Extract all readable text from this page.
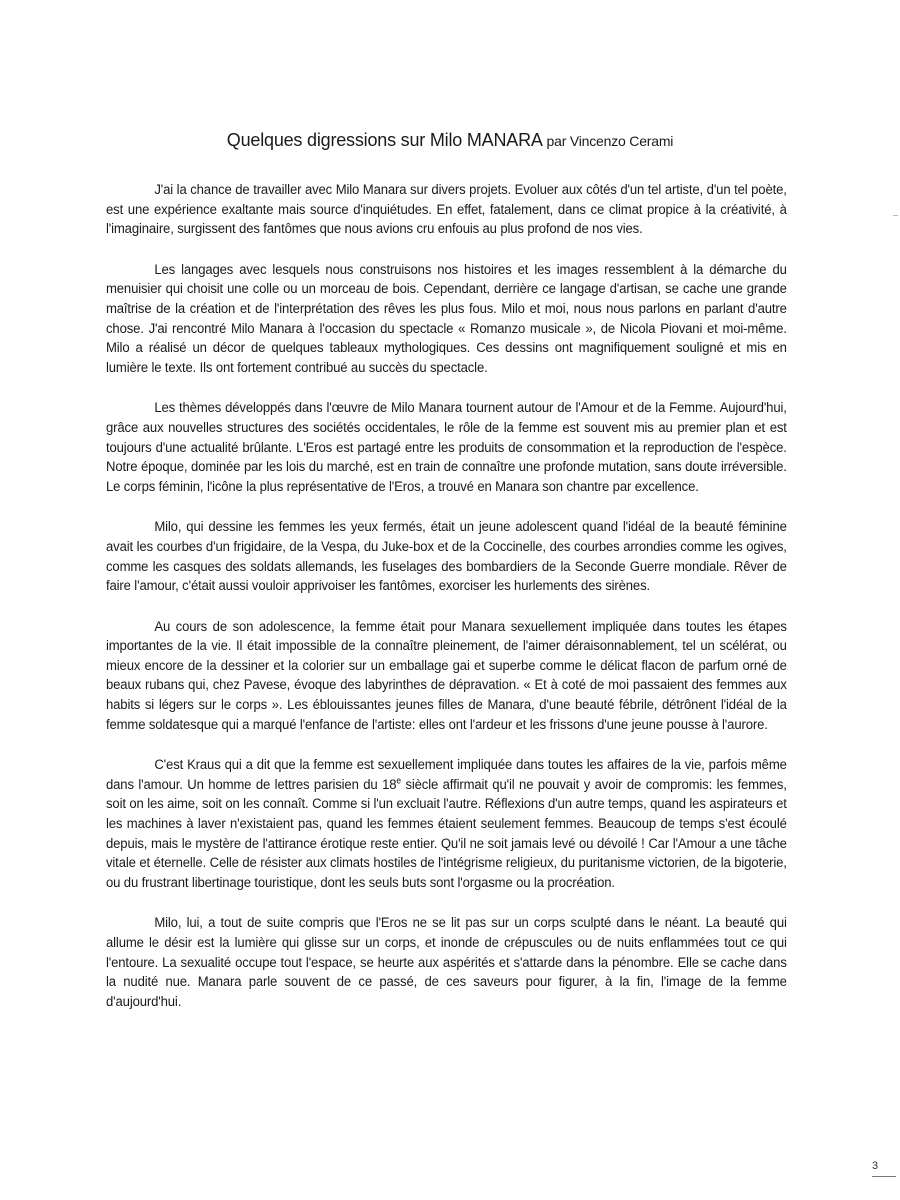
Quelques digressions sur Milo MANARA par Vincenzo Cerami

J'ai la chance de travailler avec Milo Manara sur divers projets. Evoluer aux côtés d'un tel artiste, d'un tel poète, est une expérience exaltante mais source d'inquiétudes. En effet, fatalement, dans ce climat propice à la créativité, à l'imaginaire, surgissent des fantômes que nous avions cru enfouis au plus profond de nos vies.

Les langages avec lesquels nous construisons nos histoires et les images ressemblent à la démarche du menuisier qui choisit une colle ou un morceau de bois. Cependant, derrière ce langage d'artisan, se cache une grande maîtrise de la création et de l'interprétation des rêves les plus fous. Milo et moi, nous nous parlons en parlant d'autre chose. J'ai rencontré Milo Manara à l'occasion du spectacle « Romanzo musicale », de Nicola Piovani et moi-même. Milo a réalisé un décor de quelques tableaux mythologiques. Ces dessins ont magnifiquement souligné et mis en lumière le texte. Ils ont fortement contribué au succès du spectacle.

Les thèmes développés dans l'œuvre de Milo Manara tournent autour de l'Amour et de la Femme. Aujourd'hui, grâce aux nouvelles structures des sociétés occidentales, le rôle de la femme est souvent mis au premier plan et est toujours d'une actualité brûlante. L'Eros est partagé entre les produits de consommation et la reproduction de l'espèce. Notre époque, dominée par les lois du marché, est en train de connaître une profonde mutation, sans doute irréversible. Le corps féminin, l'icône la plus représentative de l'Eros, a trouvé en Manara son chantre par excellence.

Milo, qui dessine les femmes les yeux fermés, était un jeune adolescent quand l'idéal de la beauté féminine avait les courbes d'un frigidaire, de la Vespa, du Juke-box et de la Coccinelle, des courbes arrondies comme les ogives, comme les casques des soldats allemands, les fuselages des bombardiers de la Seconde Guerre mondiale. Rêver de faire l'amour, c'était aussi vouloir apprivoiser les fantômes, exorciser les hurlements des sirènes.

Au cours de son adolescence, la femme était pour Manara sexuellement impliquée dans toutes les étapes importantes de la vie. Il était impossible de la connaître pleinement, de l'aimer déraisonnablement, tel un scélérat, ou mieux encore de la dessiner et la colorier sur un emballage gai et superbe comme le délicat flacon de parfum orné de beaux rubans qui, chez Pavese, évoque des labyrinthes de dépravation. « Et à coté de moi passaient des femmes aux habits si légers sur le corps ». Les éblouissantes jeunes filles de Manara, d'une beauté fébrile, détrônent l'idéal de la femme soldatesque qui a marqué l'enfance de l'artiste: elles ont l'ardeur et les frissons d'une jeune pousse à l'aurore.

C'est Kraus qui a dit que la femme est sexuellement impliquée dans toutes les affaires de la vie, parfois même dans l'amour. Un homme de lettres parisien du 18e siècle affirmait qu'il ne pouvait y avoir de compromis: les femmes, soit on les aime, soit on les connaît. Comme si l'un excluait l'autre. Réflexions d'un autre temps, quand les aspirateurs et les machines à laver n'existaient pas, quand les femmes étaient seulement femmes. Beaucoup de temps s'est écoulé depuis, mais le mystère de l'attirance érotique reste entier. Qu'il ne soit jamais levé ou dévoilé ! Car l'Amour a une tâche vitale et éternelle. Celle de résister aux climats hostiles de l'intégrisme religieux, du puritanisme victorien, de la bigoterie, ou du frustrant libertinage touristique, dont les seuls buts sont l'orgasme ou la procréation.

Milo, lui, a tout de suite compris que l'Eros ne se lit pas sur un corps sculpté dans le néant. La beauté qui allume le désir est la lumière qui glisse sur un corps, et inonde de crépuscules ou de nuits enflammées tout ce qui l'entoure. La sexualité occupe tout l'espace, se heurte aux aspérités et s'attarde dans la pénombre. Elle se cache dans la nudité nue. Manara parle souvent de ce passé, de ces saveurs pour figurer, à la fin, l'image de la femme d'aujourd'hui.

3
